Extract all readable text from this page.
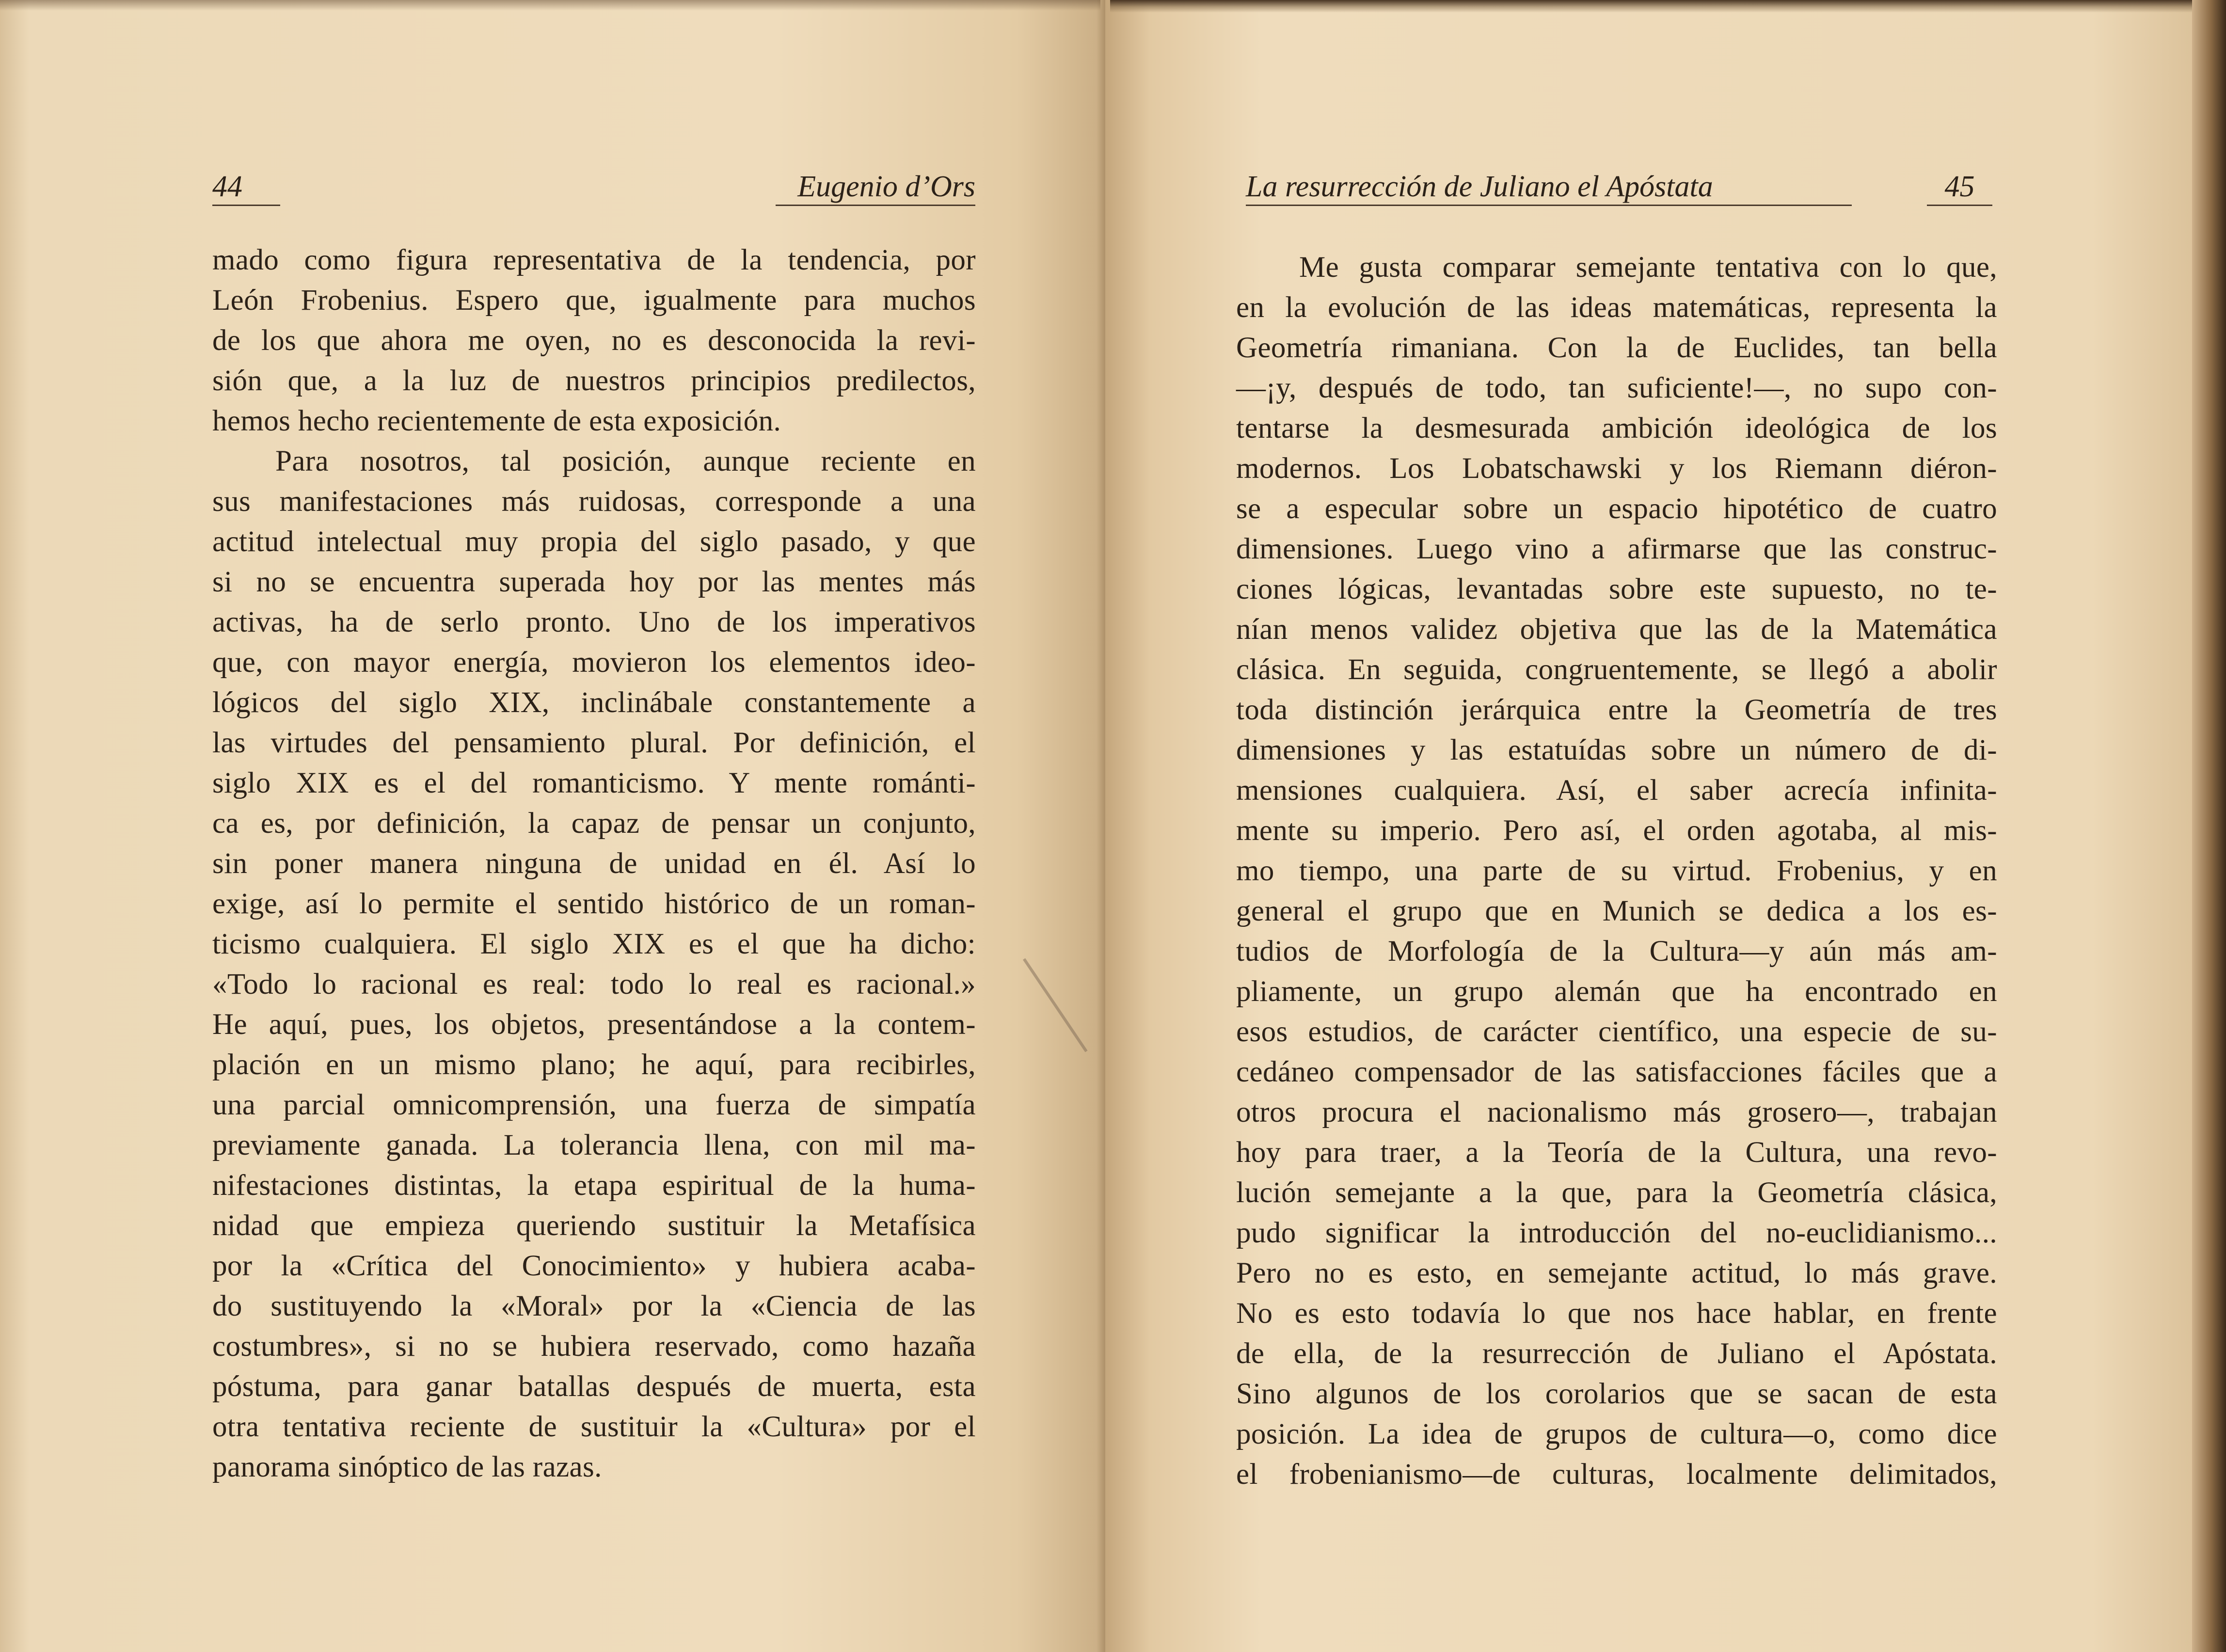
44	Eugenio d’Ors
mado como figura representativa de la tendencia, por
León Frobenius. Espero que, igualmente para muchos
de los que ahora me oyen, no es desconocida la revi-
sión que, a la luz de nuestros principios predilectos,
hemos hecho recientemente de esta exposición.
Para nosotros, tal posición, aunque reciente en
sus manifestaciones más ruidosas, corresponde a una
actitud intelectual muy propia del siglo pasado, y que
si no se encuentra superada hoy por las mentes más
activas, ha de serlo pronto. Uno de los imperativos
que, con mayor energía, movieron los elementos ideo-
lógicos del siglo XIX, inclinábale constantemente a
las virtudes del pensamiento plural. Por definición, el
siglo XIX es el del romanticismo. Y mente románti-
ca es, por definición, la capaz de pensar un conjunto,
sin poner manera ninguna de unidad en él. Así lo
exige, así lo permite el sentido histórico de un roman-
ticismo cualquiera. El siglo XIX es el que ha dicho:
«Todo lo racional es real: todo lo real es racional.»
He aquí, pues, los objetos, presentándose a la contem-
plación en un mismo plano; he aquí, para recibirles,
una parcial omnicomprensión, una fuerza de simpatía
previamente ganada. La tolerancia llena, con mil ma-
nifestaciones distintas, la etapa espiritual de la huma-
nidad que empieza queriendo sustituir la Metafísica
por la «Crítica del Conocimiento» y hubiera acaba-
do sustituyendo la «Moral» por la «Ciencia de las
costumbres», si no se hubiera reservado, como hazaña
póstuma, para ganar batallas después de muerta, esta
otra tentativa reciente de sustituir la «Cultura» por el
panorama sinóptico de las razas.
La resurrección de Juliano el Apóstata	45
Me gusta comparar semejante tentativa con lo que,
en la evolución de las ideas matemáticas, representa la
Geometría rimaniana. Con la de Euclides, tan bella
—¡y, después de todo, tan suficiente!—, no supo con-
tentarse la desmesurada ambición ideológica de los
modernos. Los Lobatschawski y los Riemann diéron-
se a especular sobre un espacio hipotético de cuatro
dimensiones. Luego vino a afirmarse que las construc-
ciones lógicas, levantadas sobre este supuesto, no te-
nían menos validez objetiva que las de la Matemática
clásica. En seguida, congruentemente, se llegó a abolir
toda distinción jerárquica entre la Geometría de tres
dimensiones y las estatuídas sobre un número de di-
mensiones cualquiera. Así, el saber acrecía infinita-
mente su imperio. Pero así, el orden agotaba, al mis-
mo tiempo, una parte de su virtud. Frobenius, y en
general el grupo que en Munich se dedica a los es-
tudios de Morfología de la Cultura—y aún más am-
pliamente, un grupo alemán que ha encontrado en
esos estudios, de carácter científico, una especie de su-
cedáneo compensador de las satisfacciones fáciles que a
otros procura el nacionalismo más grosero—, trabajan
hoy para traer, a la Teoría de la Cultura, una revo-
lución semejante a la que, para la Geometría clásica,
pudo significar la introducción del no-euclidianismo...
Pero no es esto, en semejante actitud, lo más grave.
No es esto todavía lo que nos hace hablar, en frente
de ella, de la resurrección de Juliano el Apóstata.
Sino algunos de los corolarios que se sacan de esta
posición. La idea de grupos de cultura—o, como dice
el frobenianismo—de culturas, localmente delimitados,
